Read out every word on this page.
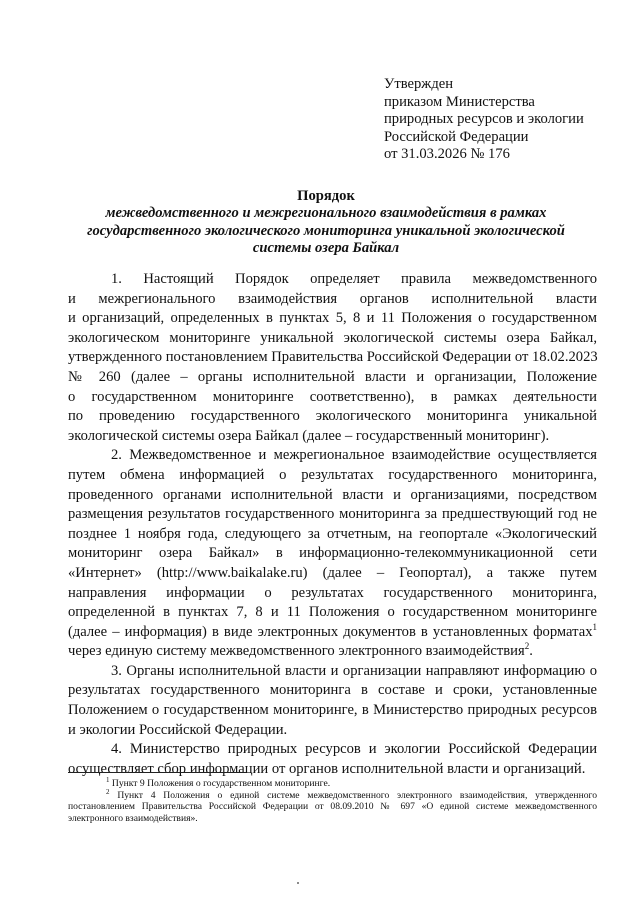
Утвержден
приказом Министерства
природных ресурсов и экологии
Российской Федерации
от 31.03.2026 № 176
Порядок
межведомственного и межрегионального взаимодействия в рамках
государственного экологического мониторинга уникальной экологической
системы озера Байкал
1. Настоящий Порядок определяет правила межведомственного
и межрегионального взаимодействия органов исполнительной власти
и организаций, определенных в пунктах 5, 8 и 11 Положения о государственном
экологическом мониторинге уникальной экологической системы озера Байкал,
утвержденного постановлением Правительства Российской Федерации от 18.02.2023
№ 260 (далее – органы исполнительной власти и организации, Положение
о государственном мониторинге соответственно), в рамках деятельности
по проведению государственного экологического мониторинга уникальной
экологической системы озера Байкал (далее – государственный мониторинг).
2. Межведомственное и межрегиональное взаимодействие осуществляется
путем обмена информацией о результатах государственного мониторинга,
проведенного органами исполнительной власти и организациями, посредством
размещения результатов государственного мониторинга за предшествующий год не
позднее 1 ноября года, следующего за отчетным, на геопортале «Экологический
мониторинг озера Байкал» в информационно-телекоммуникационной сети
«Интернет» (http://www.baikalake.ru) (далее – Геопортал), а также путем
направления информации о результатах государственного мониторинга,
определенной в пунктах 7, 8 и 11 Положения о государственном мониторинге
(далее – информация) в виде электронных документов в установленных форматах$^1$
через единую систему межведомственного электронного взаимодействия$^2$.
3. Органы исполнительной власти и организации направляют информацию о
результатах государственного мониторинга в составе и сроки, установленные
Положением о государственном мониторинге, в Министерство природных ресурсов
и экологии Российской Федерации.
4. Министерство природных ресурсов и экологии Российской Федерации
осуществляет сбор информации от органов исполнительной власти и организаций.
$^1$ Пункт 9 Положения о государственном мониторинге.
$^2$ Пункт 4 Положения о единой системе межведомственного электронного взаимодействия, утвержденного
постановлением Правительства Российской Федерации от 08.09.2010 № 697 «О единой системе межведомственного
электронного взаимодействия».
